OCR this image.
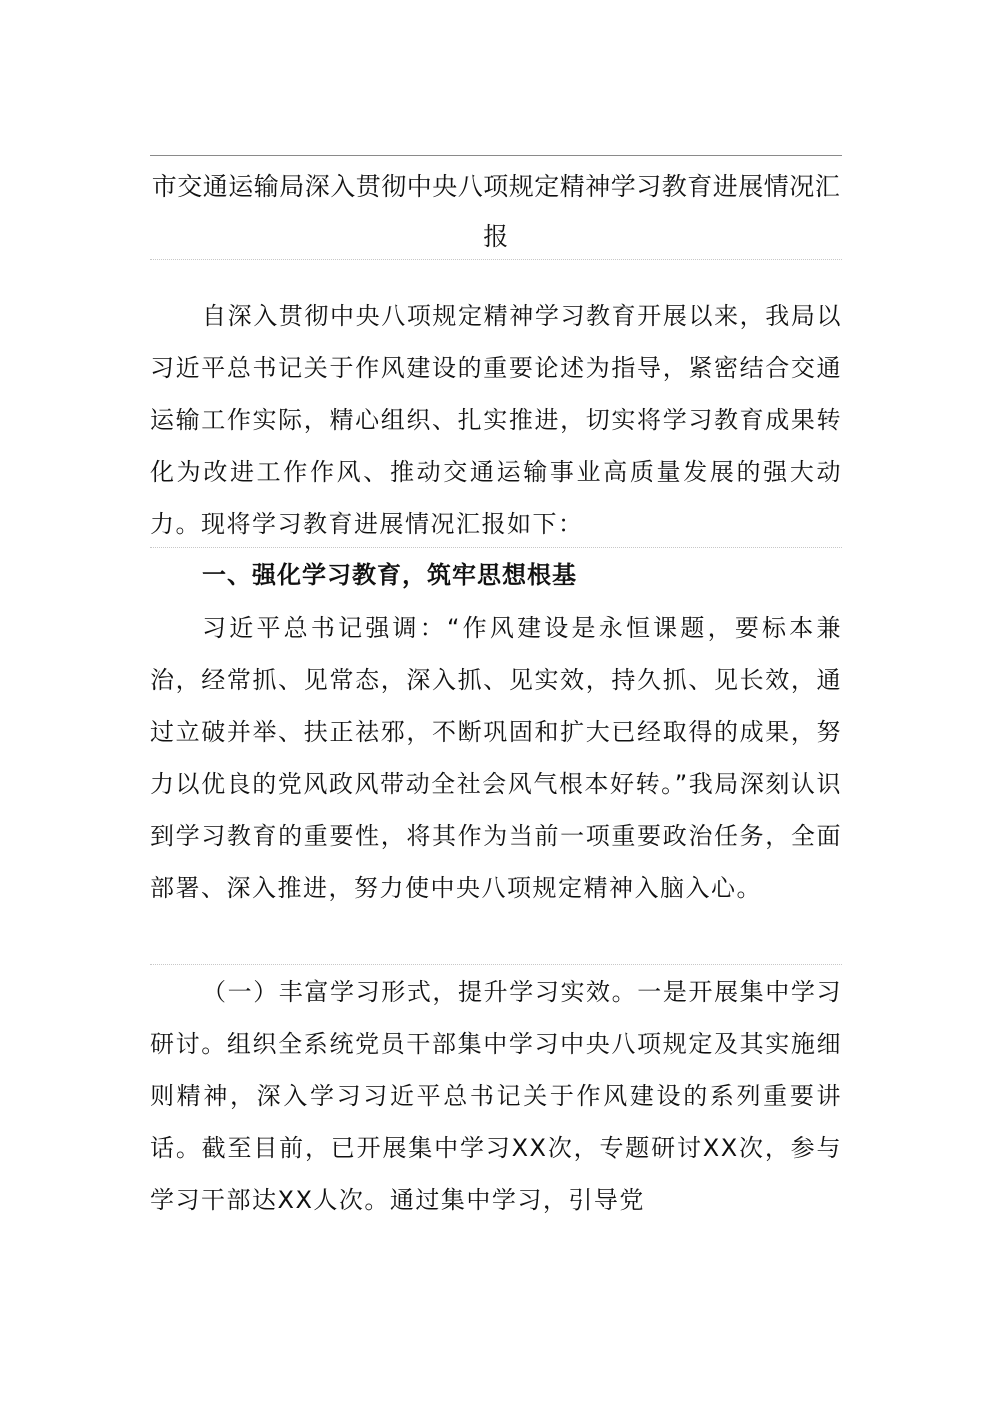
市交通运输局深入贯彻中央八项规定精神学习教育进展情况汇报

自深入贯彻中央八项规定精神学习教育开展以来，我局以习近平总书记关于作风建设的重要论述为指导，紧密结合交通运输工作实际，精心组织、扎实推进，切实将学习教育成果转化为改进工作作风、推动交通运输事业高质量发展的强大动力。现将学习教育进展情况汇报如下：

一、强化学习教育，筑牢思想根基

习近平总书记强调：“作风建设是永恒课题，要标本兼治，经常抓、见常态，深入抓、见实效，持久抓、见长效，通过立破并举、扶正祛邪，不断巩固和扩大已经取得的成果，努力以优良的党风政风带动全社会风气根本好转。”我局深刻认识到学习教育的重要性，将其作为当前一项重要政治任务，全面部署、深入推进，努力使中央八项规定精神入脑入心。

（一）丰富学习形式，提升学习实效。一是开展集中学习研讨。组织全系统党员干部集中学习中央八项规定及其实施细则精神，深入学习习近平总书记关于作风建设的系列重要讲话。截至目前，已开展集中学习XX次，专题研讨XX次，参与学习干部达XX人次。通过集中学习，引导党
